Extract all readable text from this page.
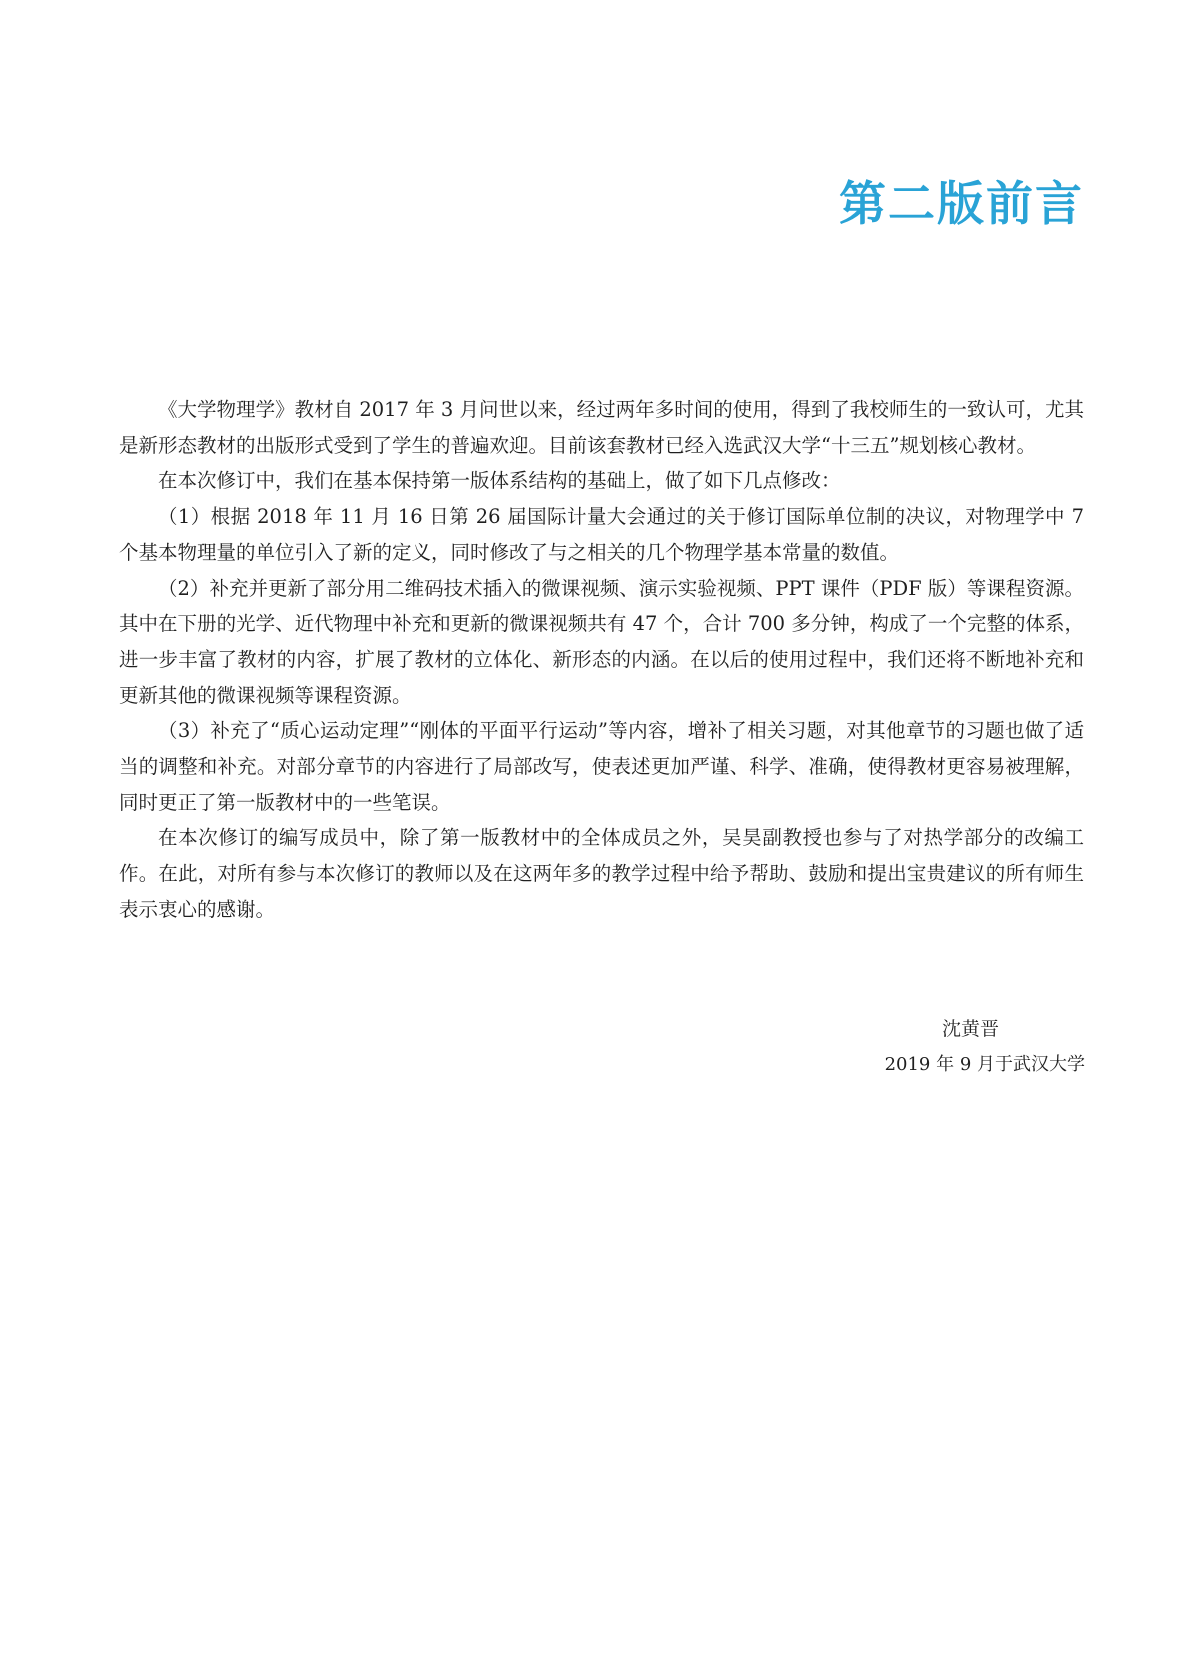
第二版前言

《大学物理学》教材自 2017 年 3 月问世以来，经过两年多时间的使用，得到了我校师生的一致认可，尤其是新形态教材的出版形式受到了学生的普遍欢迎。目前该套教材已经入选武汉大学“十三五”规划核心教材。

在本次修订中，我们在基本保持第一版体系结构的基础上，做了如下几点修改：

（1）根据 2018 年 11 月 16 日第 26 届国际计量大会通过的关于修订国际单位制的决议，对物理学中 7 个基本物理量的单位引入了新的定义，同时修改了与之相关的几个物理学基本常量的数值。

（2）补充并更新了部分用二维码技术插入的微课视频、演示实验视频、PPT 课件（PDF 版）等课程资源。其中在下册的光学、近代物理中补充和更新的微课视频共有 47 个，合计 700 多分钟，构成了一个完整的体系，进一步丰富了教材的内容，扩展了教材的立体化、新形态的内涵。在以后的使用过程中，我们还将不断地补充和更新其他的微课视频等课程资源。

（3）补充了“质心运动定理”“刚体的平面平行运动”等内容，增补了相关习题，对其他章节的习题也做了适当的调整和补充。对部分章节的内容进行了局部改写，使表述更加严谨、科学、准确，使得教材更容易被理解，同时更正了第一版教材中的一些笔误。

在本次修订的编写成员中，除了第一版教材中的全体成员之外，吴昊副教授也参与了对热学部分的改编工作。在此，对所有参与本次修订的教师以及在这两年多的教学过程中给予帮助、鼓励和提出宝贵建议的所有师生表示衷心的感谢。

沈黄晋
2019 年 9 月于武汉大学
